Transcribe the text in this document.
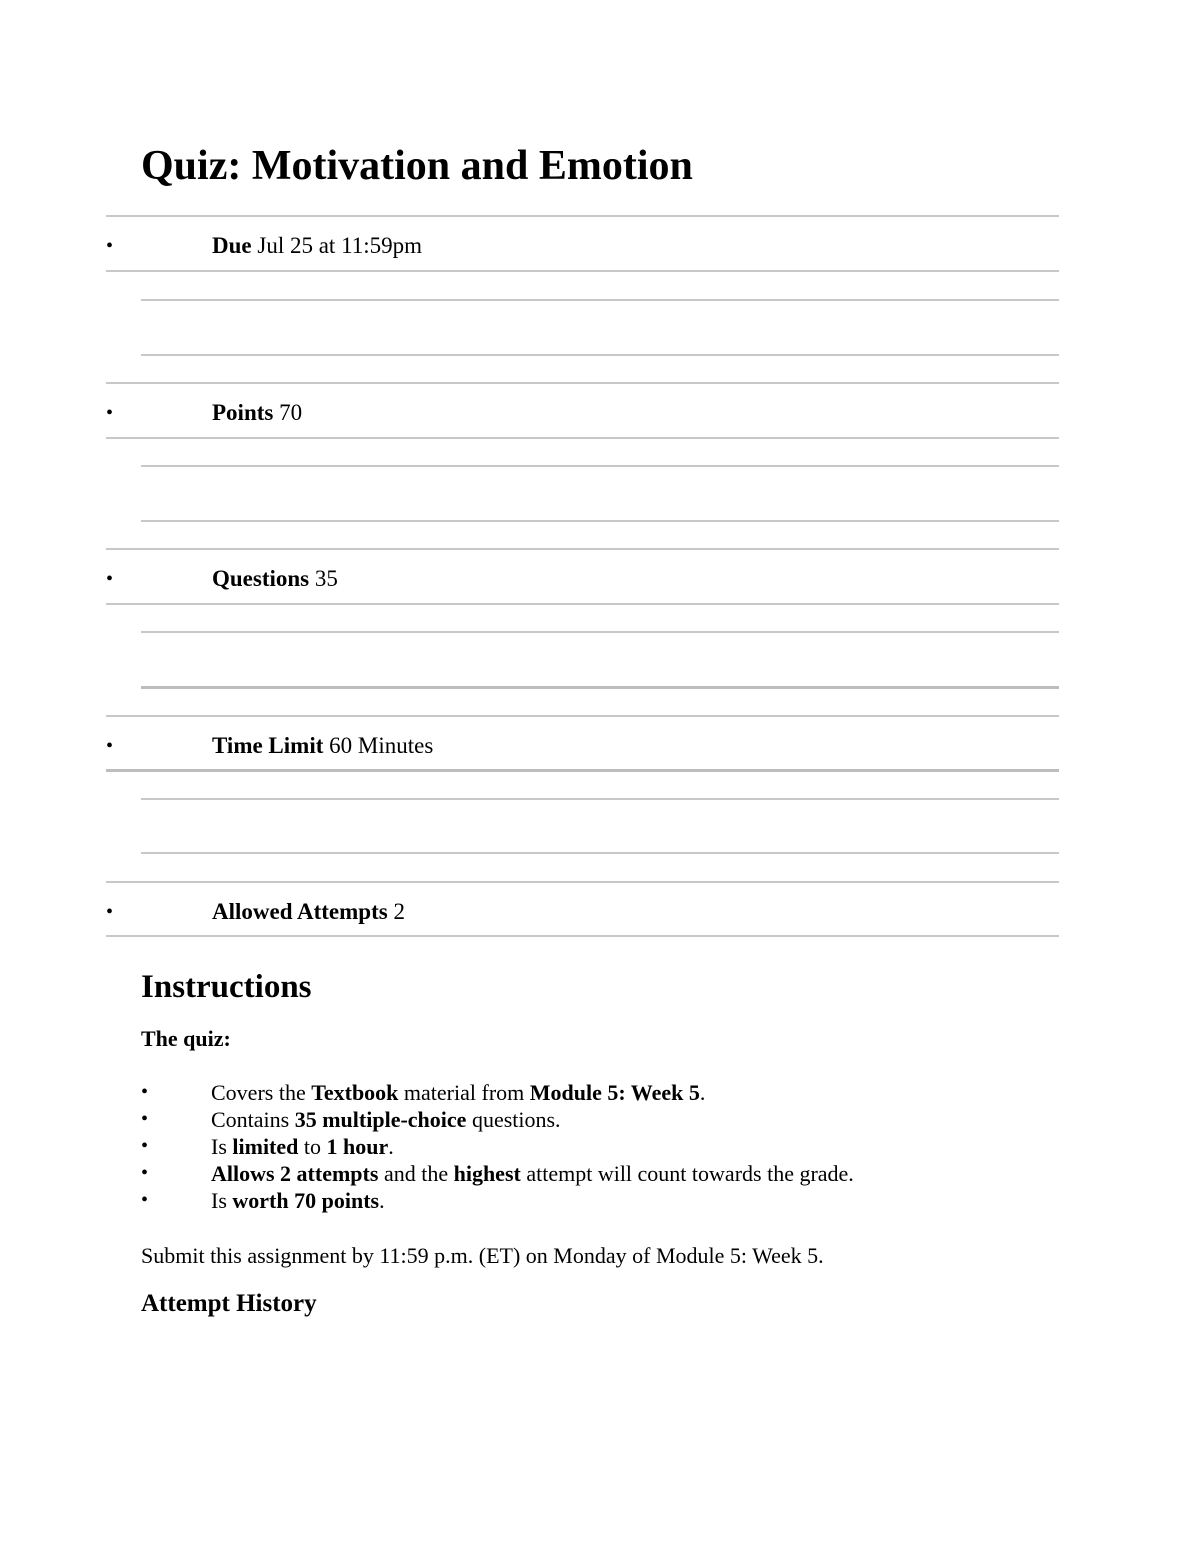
Quiz: Motivation and Emotion
•	Due Jul 25 at 11:59pm
•	Points 70
•	Questions 35
•	Time Limit 60 Minutes
•	Allowed Attempts 2
Instructions

The quiz:

•	Covers the Textbook material from Module 5: Week 5.
•	Contains 35 multiple-choice questions.
•	Is limited to 1 hour.
•	Allows 2 attempts and the highest attempt will count towards the grade.
•	Is worth 70 points.

Submit this assignment by 11:59 p.m. (ET) on Monday of Module 5: Week 5.

Attempt History
